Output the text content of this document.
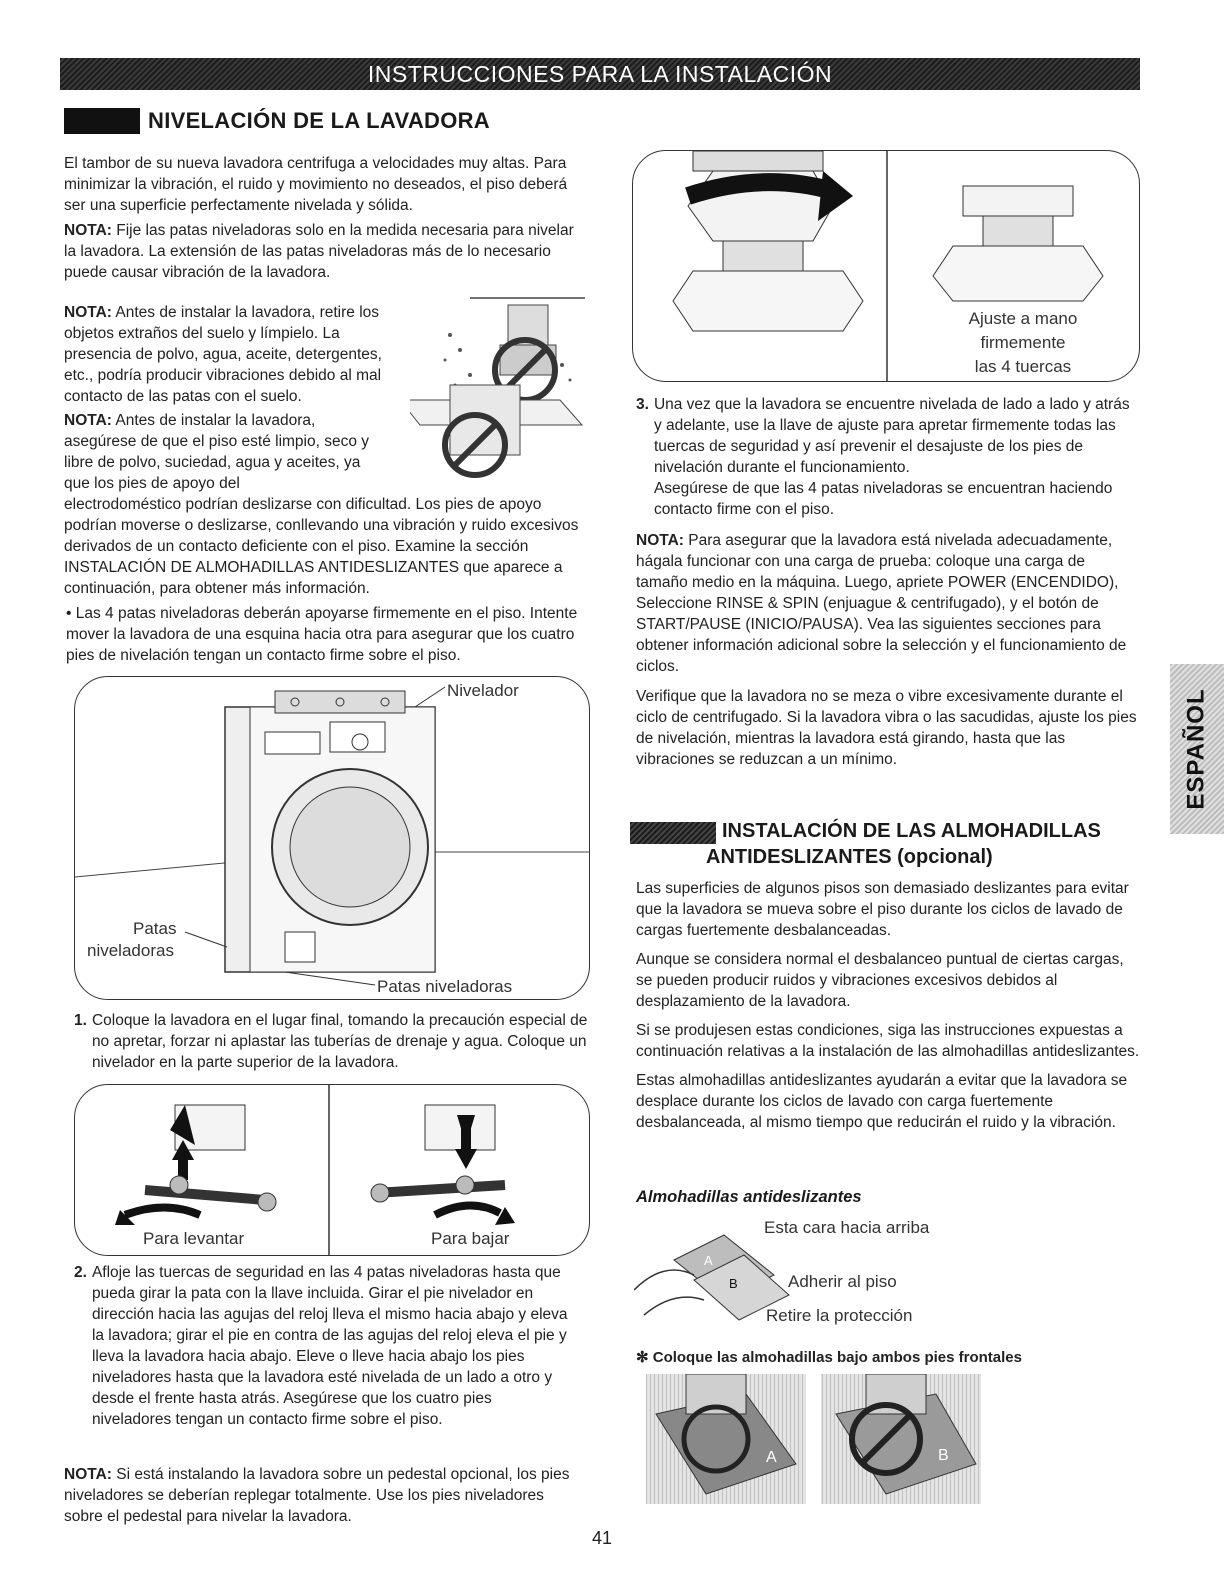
INSTRUCCIONES PARA LA INSTALACIÓN
NIVELACIÓN DE LA LAVADORA

El tambor de su nueva lavadora centrifuga a velocidades muy altas. Para minimizar la vibración, el ruido y movimiento no deseados, el piso deberá ser una superficie perfectamente nivelada y sólida.

NOTA: Fije las patas niveladoras solo en la medida necesaria para nivelar la lavadora. La extensión de las patas niveladoras más de lo necesario puede causar vibración de la lavadora.

NOTA: Antes de instalar la lavadora, retire los objetos extraños del suelo y límpielo. La presencia de polvo, agua, aceite, detergentes, etc., podría producir vibraciones debido al mal contacto de las patas con el suelo.
NOTA: Antes de instalar la lavadora, asegúrese de que el piso esté limpio, seco y libre de polvo, suciedad, agua y aceites, ya que los pies de apoyo del

electrodoméstico podrían deslizarse con dificultad. Los pies de apoyo podrían moverse o deslizarse, conllevando una vibración y ruido excesivos derivados de un contacto deficiente con el piso. Examine la sección INSTALACIÓN DE ALMOHADILLAS ANTIDESLIZANTES que aparece a continuación, para obtener más información.

• Las 4 patas niveladoras deberán apoyarse firmemente en el piso. Intente mover la lavadora de una esquina hacia otra para asegurar que los cuatro pies de nivelación tengan un contacto firme sobre el piso.

Nivelador
Patas
niveladoras
Patas niveladoras
1. Coloque la lavadora en el lugar final, tomando la precaución especial de no apretar, forzar ni aplastar las tuberías de drenaje y agua. Coloque un nivelador en la parte superior de la lavadora.
Para levantar	Para bajar
2. Afloje las tuercas de seguridad en las 4 patas niveladoras hasta que pueda girar la pata con la llave incluida. Girar el pie nivelador en dirección hacia las agujas del reloj lleva el mismo hacia abajo y eleva la lavadora; girar el pie en contra de las agujas del reloj eleva el pie y lleva la lavadora hacia abajo. Eleve o lleve hacia abajo los pies niveladores hasta que la lavadora esté nivelada de un lado a otro y desde el frente hasta atrás. Asegúrese que los cuatro pies niveladores tengan un contacto firme sobre el piso.
NOTA: Si está instalando la lavadora sobre un pedestal opcional, los pies niveladores se deberían replegar totalmente. Use los pies niveladores sobre el pedestal para nivelar la lavadora.
41
Ajuste a mano
firmemente
las 4 tuercas
3. Una vez que la lavadora se encuentre nivelada de lado a lado y atrás y adelante, use la llave de ajuste para apretar firmemente todas las tuercas de seguridad y así prevenir el desajuste de los pies de nivelación durante el funcionamiento.

Asegúrese de que las 4 patas niveladoras se encuentran haciendo contacto firme con el piso.

NOTA: Para asegurar que la lavadora está nivelada adecuadamente, hágala funcionar con una carga de prueba: coloque una carga de tamaño medio en la máquina. Luego, apriete POWER (ENCENDIDO), Seleccione RINSE & SPIN (enjuague & centrifugado), y el botón de START/PAUSE (INICIO/PAUSA). Vea las siguientes secciones para obtener información adicional sobre la selección y el funcionamiento de ciclos.
Verifique que la lavadora no se meza o vibre excesivamente durante el ciclo de centrifugado. Si la lavadora vibra o las sacudidas, ajuste los pies de nivelación, mientras la lavadora está girando, hasta que las vibraciones se reduzcan a un mínimo.
INSTALACIÓN DE LAS ALMOHADILLAS
ANTIDESLIZANTES (opcional)

Las superficies de algunos pisos son demasiado deslizantes para evitar que la lavadora se mueva sobre el piso durante los ciclos de lavado de cargas fuertemente desbalanceadas.

Aunque se considera normal el desbalanceo puntual de ciertas cargas, se pueden producir ruidos y vibraciones excesivos debidos al desplazamiento de la lavadora.

Si se produjesen estas condiciones, siga las instrucciones expuestas a continuación relativas a la instalación de las almohadillas antideslizantes.

Estas almohadillas antideslizantes ayudarán a evitar que la lavadora se desplace durante los ciclos de lavado con carga fuertemente desbalanceada, al mismo tiempo que reducirán el ruido y la vibración.

Almohadillas antideslizantes
A
B
Esta cara hacia arriba
Adherir al piso
Retire la protección
✻ Coloque las almohadillas bajo ambos pies frontales
A	B
ESPAÑOL
